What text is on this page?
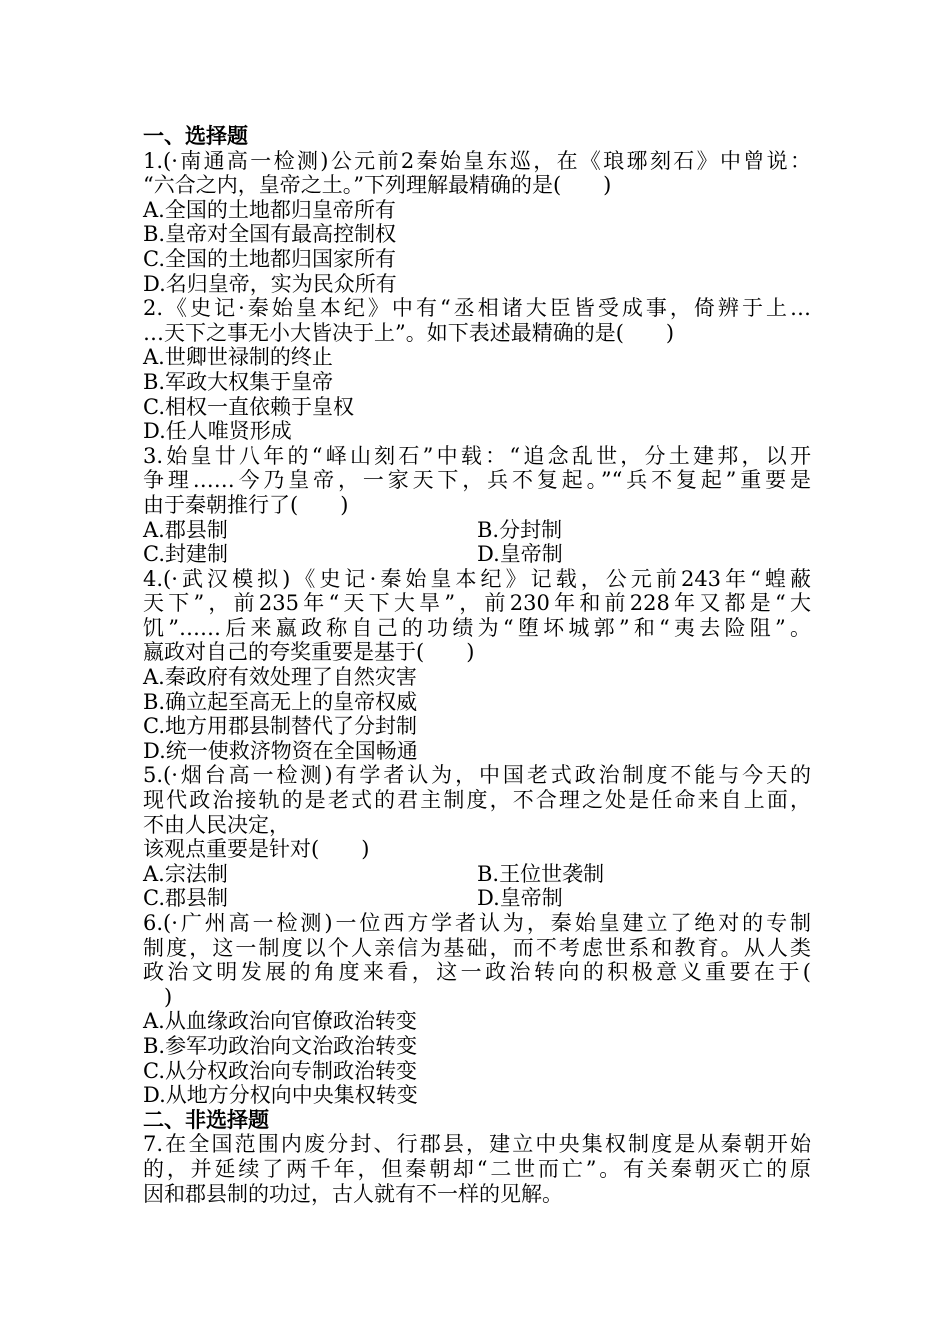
一、选择题
1.(·南通高一检测)公元前2秦始皇东巡，在《琅琊刻石》中曾说：
“六合之内，皇帝之土。”下列理解最精确的是(　　)
A.全国的土地都归皇帝所有
B.皇帝对全国有最高控制权
C.全国的土地都归国家所有
D.名归皇帝，实为民众所有
2.《史记·秦始皇本纪》中有“丞相诸大臣皆受成事，倚辨于上…
…天下之事无小大皆决于上”。如下表述最精确的是(　　)
A.世卿世禄制的终止
B.军政大权集于皇帝
C.相权一直依赖于皇权
D.任人唯贤形成
3.始皇廿八年的“峄山刻石”中载：“追念乱世，分土建邦，以开
争理……今乃皇帝，一家天下，兵不复起。”“兵不复起”重要是
由于秦朝推行了(　　)
A.郡县制	B.分封制
C.封建制	D.皇帝制
4.(·武汉模拟)《史记·秦始皇本纪》记载，公元前243年“蝗蔽
天下”，前235年“天下大旱”，前230年和前228年又都是“大
饥”……后来嬴政称自己的功绩为“堕坏城郭”和“夷去险阻”。
嬴政对自己的夸奖重要是基于(　　)
A.秦政府有效处理了自然灾害
B.确立起至高无上的皇帝权威
C.地方用郡县制替代了分封制
D.统一使救济物资在全国畅通
5.(·烟台高一检测)有学者认为，中国老式政治制度不能与今天的
现代政治接轨的是老式的君主制度，不合理之处是任命来自上面，
不由人民决定，
该观点重要是针对(　　)
A.宗法制	B.王位世袭制
C.郡县制	D.皇帝制
6.(·广州高一检测)一位西方学者认为，秦始皇建立了绝对的专制
制度，这一制度以个人亲信为基础，而不考虑世系和教育。从人类
政治文明发展的角度来看，这一政治转向的积极意义重要在于(
　)
A.从血缘政治向官僚政治转变
B.参军功政治向文治政治转变
C.从分权政治向专制政治转变
D.从地方分权向中央集权转变
二、非选择题
7.在全国范围内废分封、行郡县，建立中央集权制度是从秦朝开始
的，并延续了两千年，但秦朝却“二世而亡”。有关秦朝灭亡的原
因和郡县制的功过，古人就有不一样的见解。
